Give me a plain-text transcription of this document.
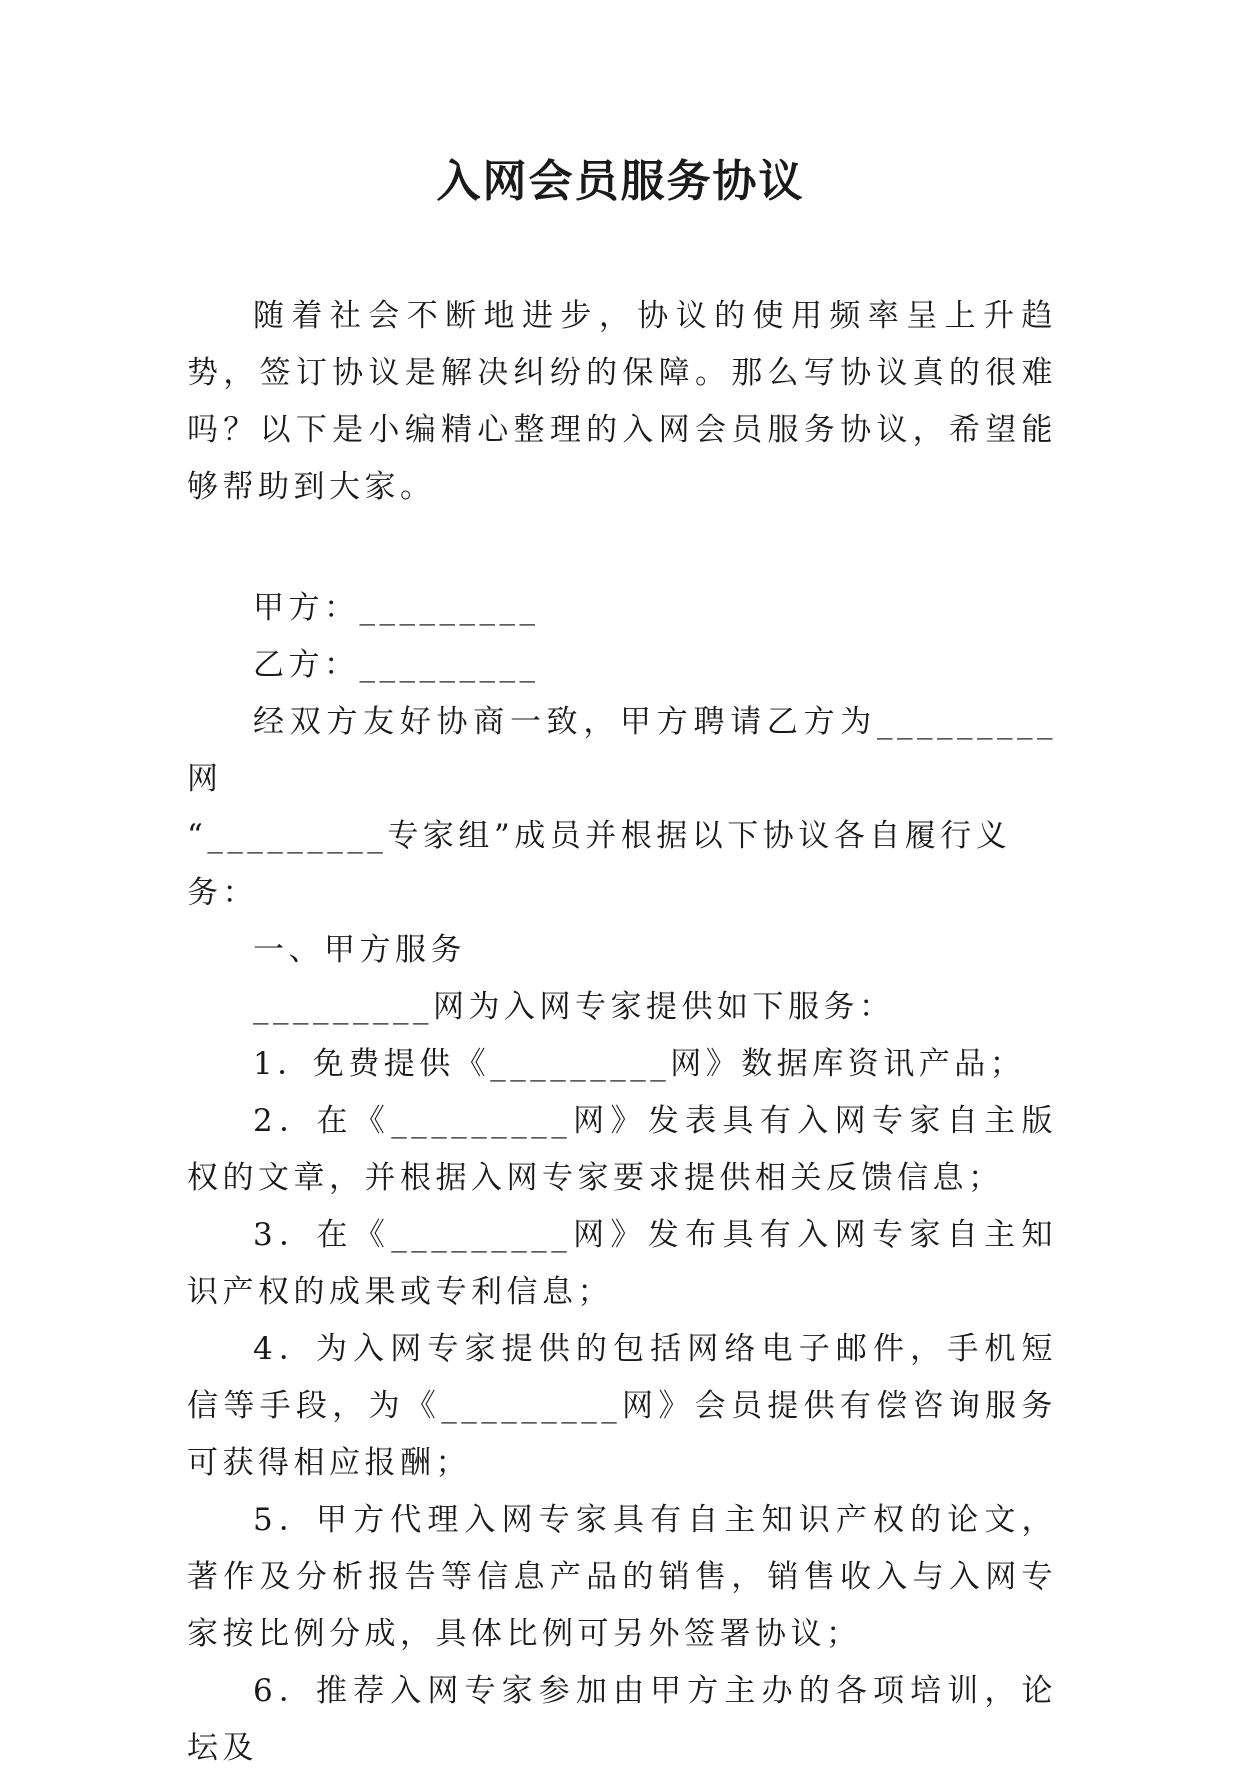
入网会员服务协议

随着社会不断地进步，协议的使用频率呈上升趋势，签订协议是解决纠纷的保障。那么写协议真的很难吗？以下是小编精心整理的入网会员服务协议，希望能够帮助到大家。

甲方：_________

乙方：_________

经双方友好协商一致，甲方聘请乙方为_________网

“_________专家组”成员并根据以下协议各自履行义务：

一、甲方服务

_________网为入网专家提供如下服务：

1．免费提供《_________网》数据库资讯产品；

2．在《_________网》发表具有入网专家自主版权的文章，并根据入网专家要求提供相关反馈信息；

3．在《_________网》发布具有入网专家自主知识产权的成果或专利信息；

4．为入网专家提供的包括网络电子邮件，手机短信等手段，为《_________网》会员提供有偿咨询服务可获得相应报酬；

5．甲方代理入网专家具有自主知识产权的论文，著作及分析报告等信息产品的销售，销售收入与入网专家按比例分成，具体比例可另外签署协议；

6．推荐入网专家参加由甲方主办的各项培训，论坛及
